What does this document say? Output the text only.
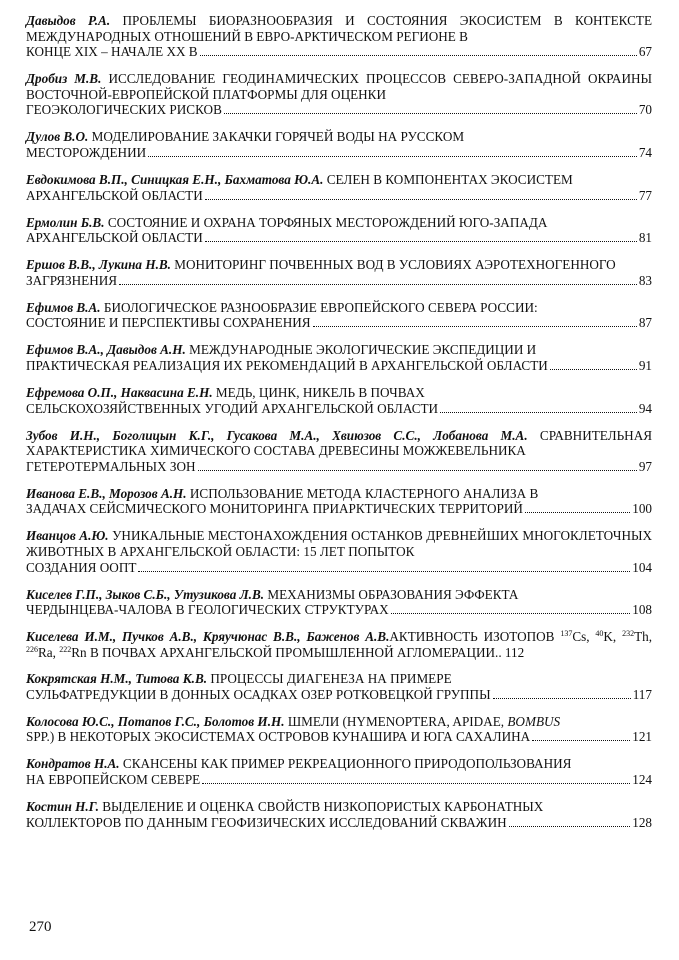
Давыдов Р.А. ПРОБЛЕМЫ БИОРАЗНООБРАЗИЯ И СОСТОЯНИЯ ЭКОСИСТЕМ В КОНТЕКСТЕ МЕЖДУНАРОДНЫХ ОТНОШЕНИЙ В ЕВРО-АРКТИЧЕСКОМ РЕГИОНЕ В
КОНЦЕ XIX – НАЧАЛЕ XX В	67
Дробиз М.В. ИССЛЕДОВАНИЕ ГЕОДИНАМИЧЕСКИХ ПРОЦЕССОВ СЕВЕРО-ЗАПАДНОЙ ОКРАИНЫ ВОСТОЧНОЙ-ЕВРОПЕЙСКОЙ ПЛАТФОРМЫ ДЛЯ ОЦЕНКИ
ГЕОЭКОЛОГИЧЕСКИХ РИСКОВ	70
Дулов В.О. МОДЕЛИРОВАНИЕ ЗАКАЧКИ ГОРЯЧЕЙ ВОДЫ НА РУССКОМ
МЕСТОРОЖДЕНИИ	74
Евдокимова В.П., Синицкая Е.Н., Бахматова Ю.А. СЕЛЕН В КОМПОНЕНТАХ ЭКОСИСТЕМ
АРХАНГЕЛЬСКОЙ ОБЛАСТИ	77
Ермолин Б.В. СОСТОЯНИЕ И ОХРАНА ТОРФЯНЫХ МЕСТОРОЖДЕНИЙ ЮГО-ЗАПАДА
АРХАНГЕЛЬСКОЙ ОБЛАСТИ	81
Ершов В.В., Лукина Н.В. МОНИТОРИНГ ПОЧВЕННЫХ ВОД В УСЛОВИЯХ АЭРОТЕХНОГЕННОГО
ЗАГРЯЗНЕНИЯ	83
Ефимов В.А. БИОЛОГИЧЕСКОЕ РАЗНООБРАЗИЕ ЕВРОПЕЙСКОГО СЕВЕРА РОССИИ:
СОСТОЯНИЕ И ПЕРСПЕКТИВЫ СОХРАНЕНИЯ	87
Ефимов В.А., Давыдов А.Н. МЕЖДУНАРОДНЫЕ ЭКОЛОГИЧЕСКИЕ ЭКСПЕДИЦИИ И
ПРАКТИЧЕСКАЯ РЕАЛИЗАЦИЯ ИХ РЕКОМЕНДАЦИЙ В АРХАНГЕЛЬСКОЙ ОБЛАСТИ	91
Ефремова О.П., Наквасина Е.Н. МЕДЬ, ЦИНК, НИКЕЛЬ В ПОЧВАХ
СЕЛЬСКОХОЗЯЙСТВЕННЫХ УГОДИЙ АРХАНГЕЛЬСКОЙ ОБЛАСТИ	94
Зубов И.Н., Боголицын К.Г., Гусакова М.А., Хвиюзов С.С., Лобанова М.А. СРАВНИТЕЛЬНАЯ ХАРАКТЕРИСТИКА ХИМИЧЕСКОГО СОСТАВА ДРЕВЕСИНЫ МОЖЖЕВЕЛЬНИКА
ГЕТЕРОТЕРМАЛЬНЫХ ЗОН	97
Иванова Е.В., Морозов А.Н. ИСПОЛЬЗОВАНИЕ МЕТОДА КЛАСТЕРНОГО АНАЛИЗА В
ЗАДАЧАХ СЕЙСМИЧЕСКОГО МОНИТОРИНГА ПРИАРКТИЧЕСКИХ ТЕРРИТОРИЙ	100
Иванцов А.Ю. УНИКАЛЬНЫЕ МЕСТОНАХОЖДЕНИЯ ОСТАНКОВ ДРЕВНЕЙШИХ МНОГОКЛЕТОЧНЫХ ЖИВОТНЫХ В АРХАНГЕЛЬСКОЙ ОБЛАСТИ: 15 ЛЕТ ПОПЫТОК
СОЗДАНИЯ ООПТ	104
Киселев Г.П., Зыков С.Б., Утузикова Л.В. МЕХАНИЗМЫ ОБРАЗОВАНИЯ ЭФФЕКТА
ЧЕРДЫНЦЕВА-ЧАЛОВА В ГЕОЛОГИЧЕСКИХ СТРУКТУРАХ	108
Киселева И.М., Пучков А.В., Кряучюнас В.В., Баженов А.В.АКТИВНОСТЬ ИЗОТОПОВ $^{137}$Cs, $^{40}$K, $^{232}$Th, $^{226}$Ra, $^{222}$Rn В ПОЧВАХ АРХАНГЕЛЬСКОЙ ПРОМЫШЛЕННОЙ АГЛОМЕРАЦИИ.. 112
Кокрятская Н.М., Титова К.В. ПРОЦЕССЫ ДИАГЕНЕЗА НА ПРИМЕРЕ
СУЛЬФАТРЕДУКЦИИ В ДОННЫХ ОСАДКАХ ОЗЕР РОТКОВЕЦКОЙ ГРУППЫ	117
Колосова Ю.С., Потапов Г.С., Болотов И.Н. ШМЕЛИ (HYMENOPTERA, APIDAE, BOMBUS
SPP.) В НЕКОТОРЫХ ЭКОСИСТЕМАХ ОСТРОВОВ КУНАШИРА И ЮГА САХАЛИНА	121
Кондратов Н.А. СКАНСЕНЫ КАК ПРИМЕР РЕКРЕАЦИОННОГО ПРИРОДОПОЛЬЗОВАНИЯ
НА ЕВРОПЕЙСКОМ СЕВЕРЕ	124
Костин Н.Г. ВЫДЕЛЕНИЕ И ОЦЕНКА СВОЙСТВ НИЗКОПОРИСТЫХ КАРБОНАТНЫХ
КОЛЛЕКТОРОВ ПО ДАННЫМ ГЕОФИЗИЧЕСКИХ ИССЛЕДОВАНИЙ СКВАЖИН	128
270
